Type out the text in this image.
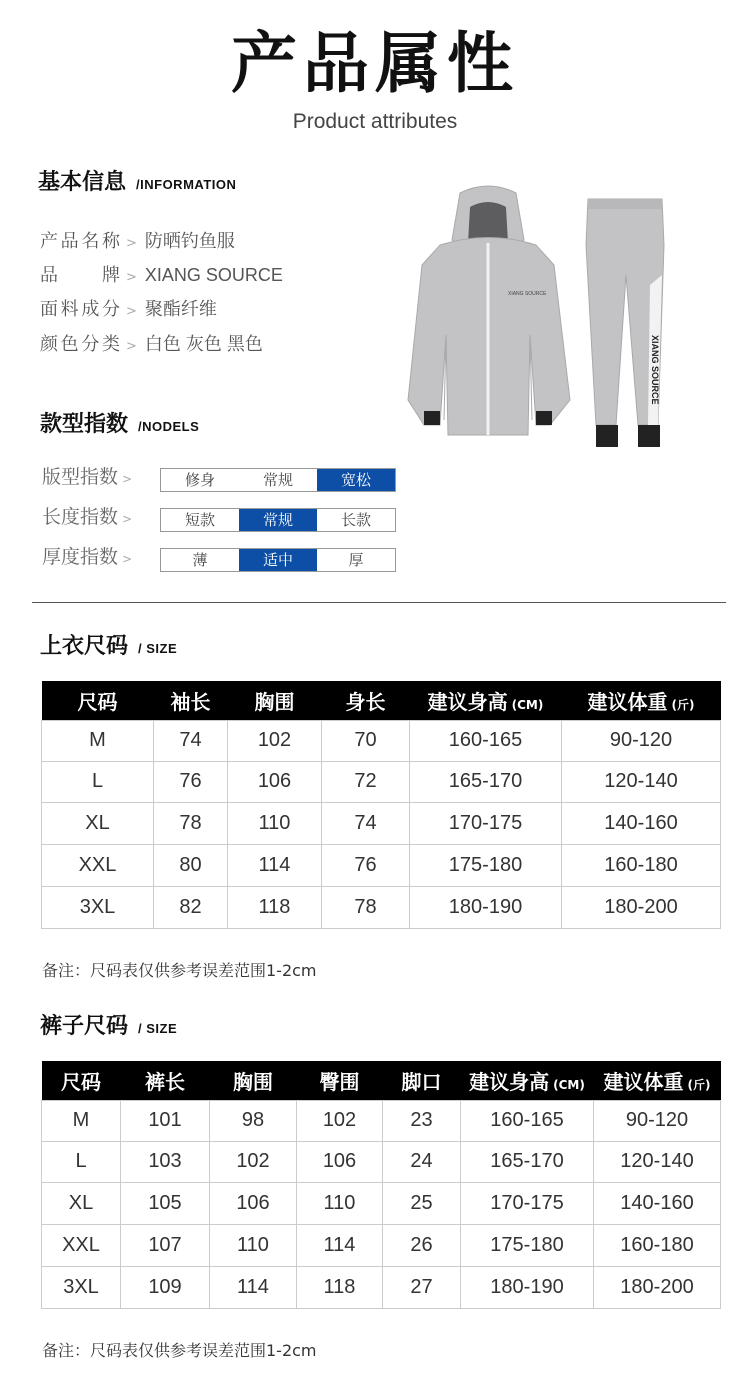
产品属性
Product attributes
基本信息 /INFORMATION
产品名称 > 防晒钓鱼服
品牌 > XIANG SOURCE
面料成分 > 聚酯纤维
颜色分类 > 白色 灰色 黑色
XIANG SOURCE
XIANG SOURCE
款型指数 /NODELS
版型指数 >	修身	常规	宽松
长度指数 >	短款	常规	长款
厚度指数 >	薄	适中	厚
上衣尺码 / SIZE
尺码	袖长	胸围	身长	建议身高 (CM)	建议体重 (斤)
M	74	102	70	160-165	90-120
L	76	106	72	165-170	120-140
XL	78	110	74	170-175	140-160
XXL	80	114	76	175-180	160-180
3XL	82	118	78	180-190	180-200
备注：尺码表仅供参考误差范围1-2cm
裤子尺码 / SIZE
尺码	裤长	胸围	臀围	脚口	建议身高 (CM)	建议体重 (斤)
M	101	98	102	23	160-165	90-120
L	103	102	106	24	165-170	120-140
XL	105	106	110	25	170-175	140-160
XXL	107	110	114	26	175-180	160-180
3XL	109	114	118	27	180-190	180-200
备注：尺码表仅供参考误差范围1-2cm
